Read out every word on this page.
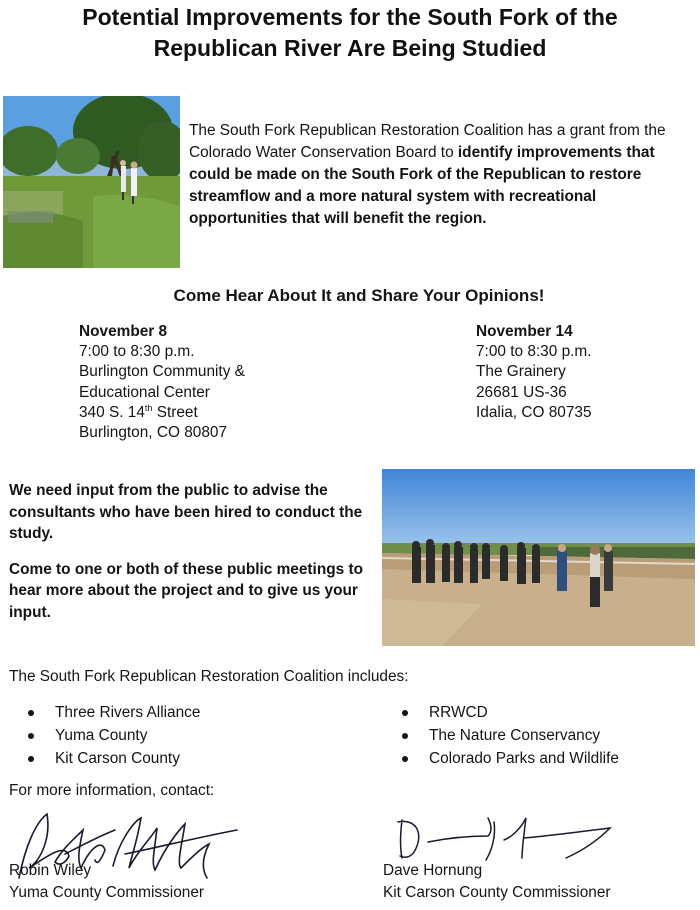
Potential Improvements for the South Fork of the
Republican River Are Being Studied
The South Fork Republican Restoration Coalition has a grant from the Colorado Water Conservation Board to identify improvements that could be made on the South Fork of the Republican to restore streamflow and a more natural system with recreational opportunities that will benefit the region.
Come Hear About It and Share Your Opinions!
November 8
7:00 to 8:30 p.m.
Burlington Community &
Educational Center
340 S. 14th Street
Burlington, CO 80807
November 14
7:00 to 8:30 p.m.
The Grainery
26681 US-36
Idalia, CO 80735

We need input from the public to advise the consultants who have been hired to conduct the study.

Come to one or both of these public meetings to hear more about the project and to give us your input.

The South Fork Republican Restoration Coalition includes:
Three Rivers Alliance
Yuma County
Kit Carson County
RRWCD
The Nature Conservancy
Colorado Parks and Wildlife
For more information, contact:
Robin Wiley
Yuma County Commissioner
Dave Hornung
Kit Carson County Commissioner
